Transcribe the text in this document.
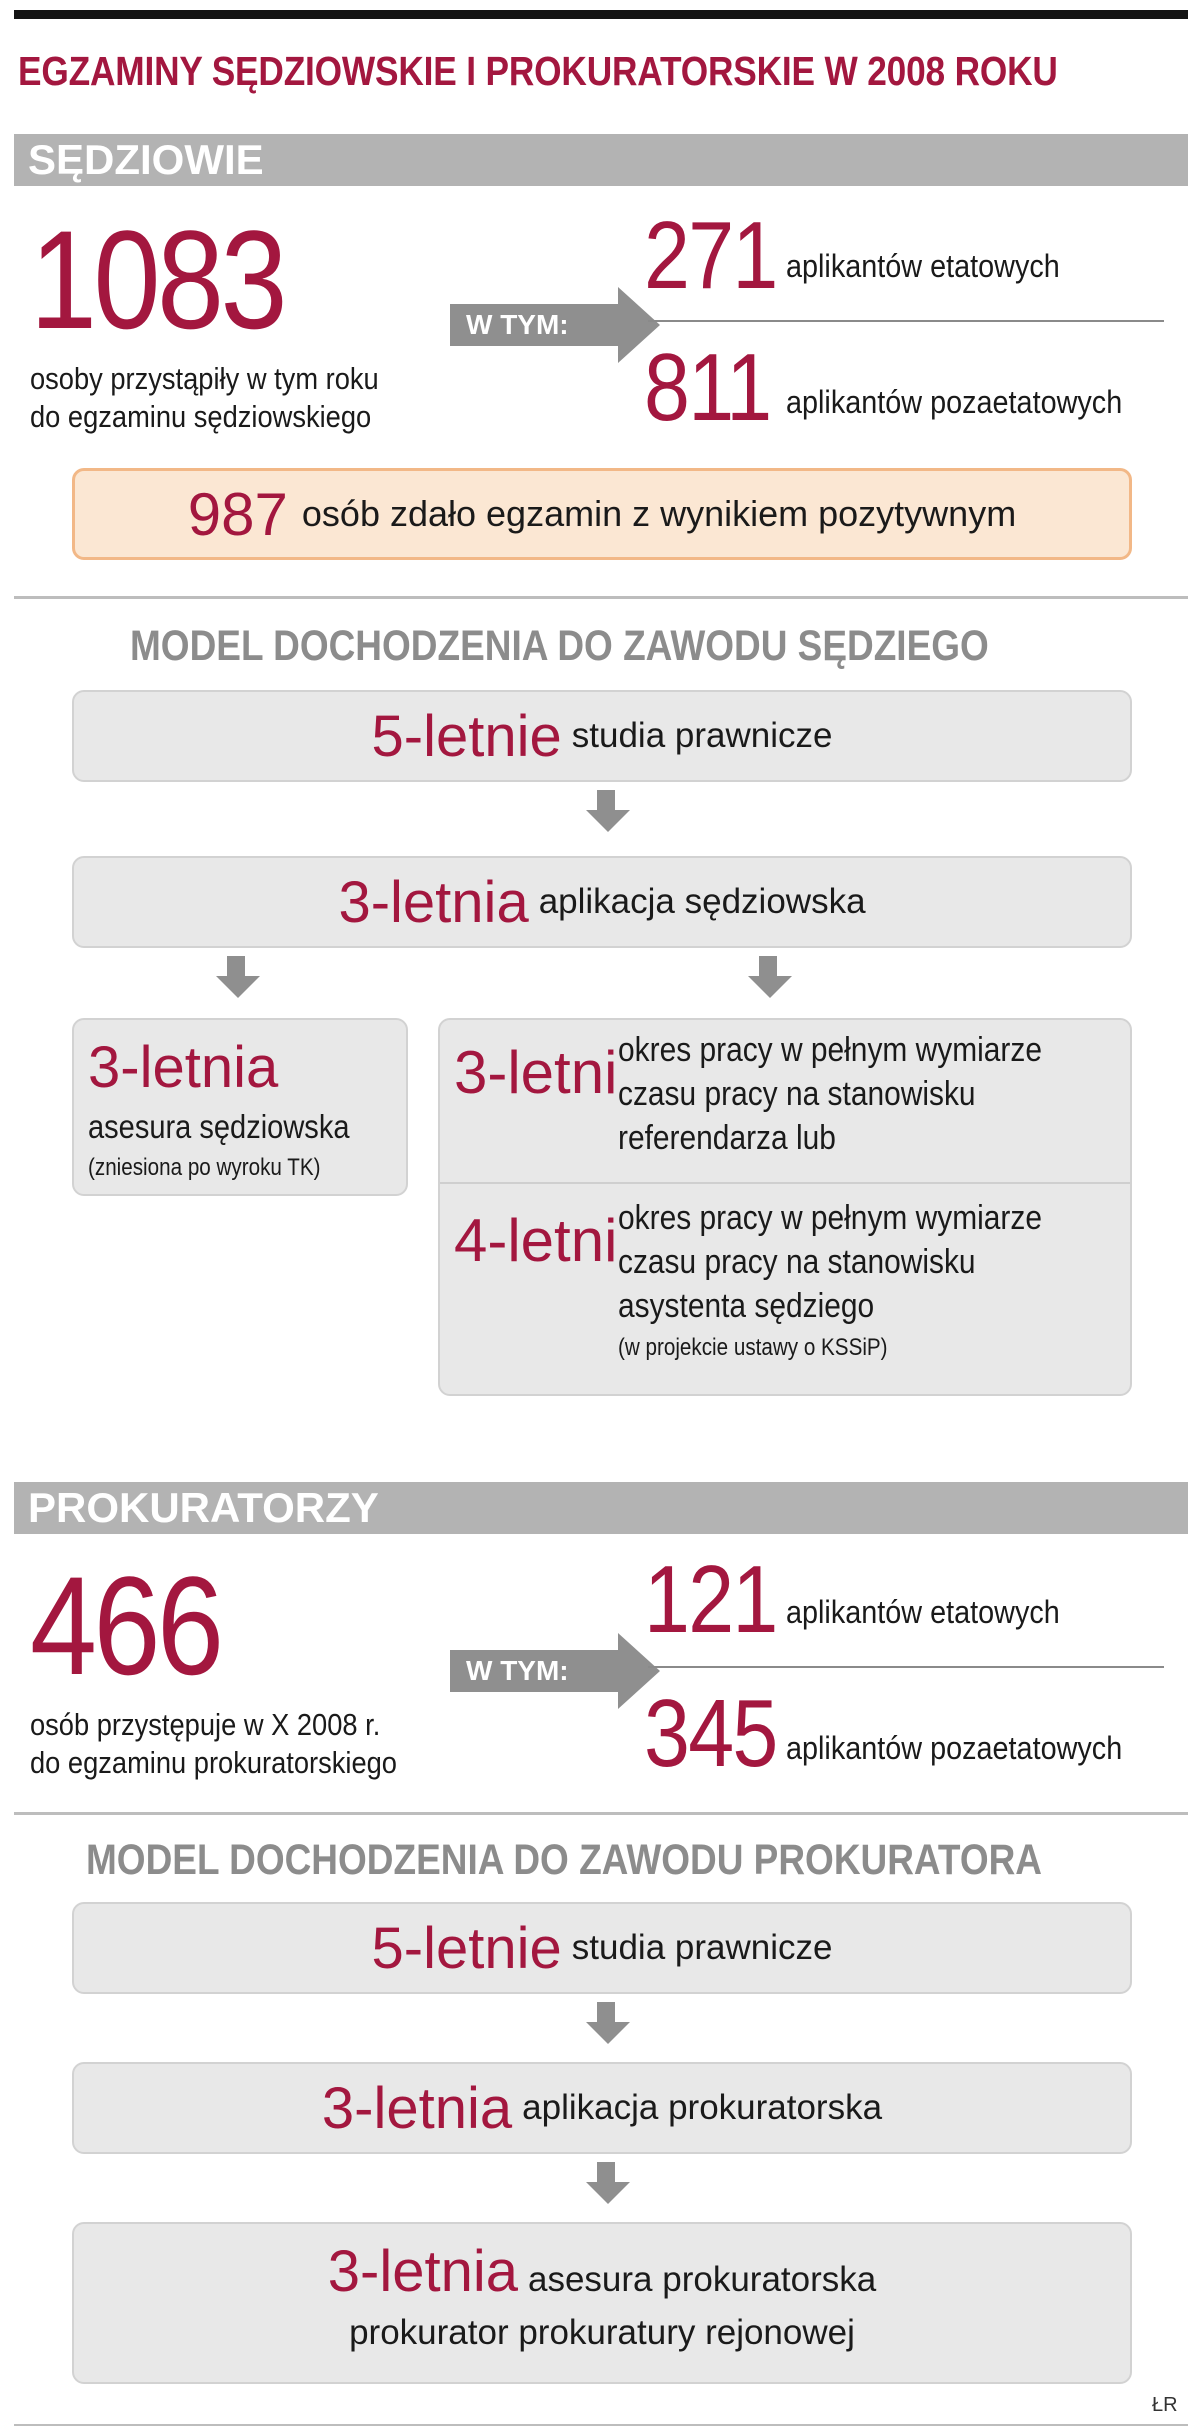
EGZAMINY SĘDZIOWSKIE I PROKURATORSKIE W 2008 ROKU
SĘDZIOWIE
1083
osoby przystąpiły w tym roku
do egzaminu sędziowskiego
W TYM:
271 aplikantów etatowych
811 aplikantów pozaetatowych
987 osób zdało egzamin z wynikiem pozytywnym
MODEL DOCHODZENIA DO ZAWODU SĘDZIEGO
5-letnie studia prawnicze
3-letnia aplikacja sędziowska
3-letnia
asesura sędziowska
(zniesiona po wyroku TK)
3-letni okres pracy w pełnym wymiarze
czasu pracy na stanowisku
referendarza lub
4-letni okres pracy w pełnym wymiarze
czasu pracy na stanowisku
asystenta sędziego
(w projekcie ustawy o KSSiP)
PROKURATORZY
466
osób przystępuje w X 2008 r.
do egzaminu prokuratorskiego
W TYM:
121 aplikantów etatowych
345 aplikantów pozaetatowych
MODEL DOCHODZENIA DO ZAWODU PROKURATORA
5-letnie studia prawnicze
3-letnia aplikacja prokuratorska
3-letnia asesura prokuratorska
prokurator prokuratury rejonowej
ŁR
